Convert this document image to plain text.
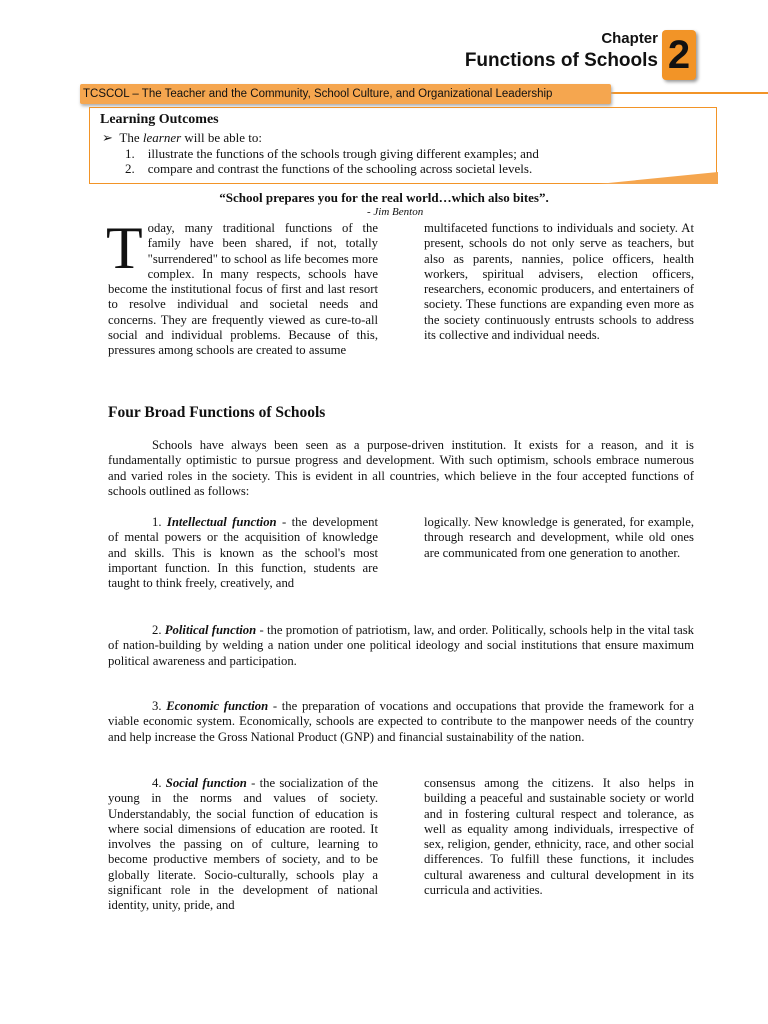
Chapter
Functions of Schools 2
TCSCOL – The Teacher and the Community, School Culture, and Organizational Leadership
Learning Outcomes
➢ The learner will be able to:
1.    illustrate the functions of the schools trough giving different examples; and
2.    compare and contrast the functions of the schooling across societal levels.
“School prepares you for the real world…which also bites”.
- Jim Benton
Today, many traditional functions of the family have been shared, if not, totally "surrendered" to school as life becomes more complex. In many respects, schools have become the institutional focus of first and last resort to resolve individual and societal needs and concerns. They are frequently viewed as cure-to-all social and individual problems. Because of this, pressures among schools are created to assume
multifaceted functions to individuals and society. At present, schools do not only serve as teachers, but also as parents, nannies, police officers, health workers, spiritual advisers, election officers, researchers, economic producers, and entertainers of society. These functions are expanding even more as the society continuously entrusts schools to address its collective and individual needs.
Four Broad Functions of Schools
Schools have always been seen as a purpose-driven institution. It exists for a reason, and it is fundamentally optimistic to pursue progress and development. With such optimism, schools embrace numerous and varied roles in the society. This is evident in all countries, which believe in the four accepted functions of schools outlined as follows:
1. Intellectual function - the development of mental powers or the acquisition of knowledge and skills. This is known as the school's most important function. In this function, students are taught to think freely, creatively, and
logically. New knowledge is generated, for example, through research and development, while old ones are communicated from one generation to another.
2. Political function - the promotion of patriotism, law, and order. Politically, schools help in the vital task of nation-building by welding a nation under one political ideology and social institutions that ensure maximum political awareness and participation.
3. Economic function - the preparation of vocations and occupations that provide the framework for a viable economic system. Economically, schools are expected to contribute to the manpower needs of the country and help increase the Gross National Product (GNP) and financial sustainability of the nation.
4. Social function - the socialization of the young in the norms and values of society. Understandably, the social function of education is where social dimensions of education are rooted. It involves the passing on of culture, learning to become productive members of society, and to be globally literate. Socio-culturally, schools play a significant role in the development of national identity, unity, pride, and
consensus among the citizens. It also helps in building a peaceful and sustainable society or world and in fostering cultural respect and tolerance, as well as equality among individuals, irrespective of sex, religion, gender, ethnicity, race, and other social differences. To fulfill these functions, it includes cultural awareness and cultural development in its curricula and activities.
